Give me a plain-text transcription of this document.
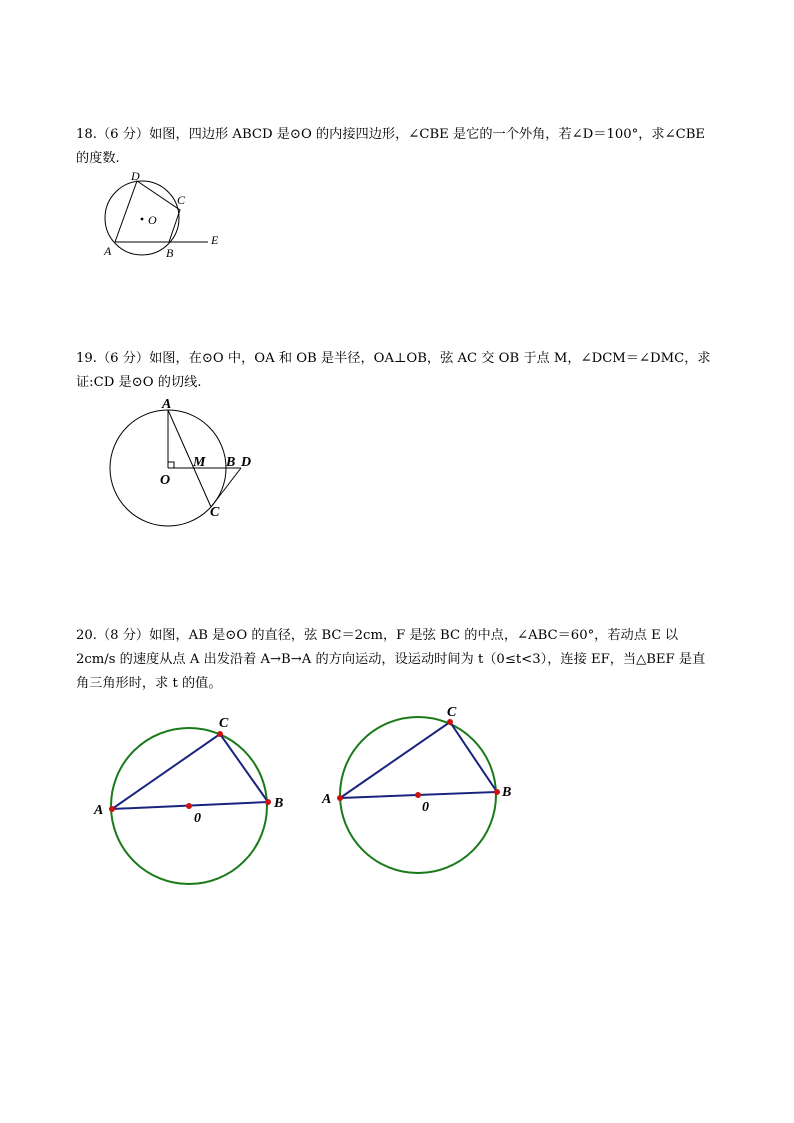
18.（6 分）如图，四边形 ABCD 是⊙O 的内接四边形，∠CBE 是它的一个外角，若∠D＝100°，求∠CBE 的度数.
A	B
C
D
E
O
19.（6 分）如图，在⊙O 中，OA 和 OB 是半径，OA⊥OB，弦 AC 交 OB 于点 M，∠DCM＝∠DMC，求证:CD 是⊙O 的切线.
A
O
M B D
C
20.（8 分）如图，AB 是⊙O 的直径，弦 BC＝2cm，F 是弦 BC 的中点，∠ABC＝60°，若动点 E 以 2cm/s 的速度从点 A 出发沿着 A→B→A 的方向运动，设运动时间为 t（0≤t<3），连接 EF，当△BEF 是直角三角形时，求 t 的值。
A	B
C
0
A	B
C
0
